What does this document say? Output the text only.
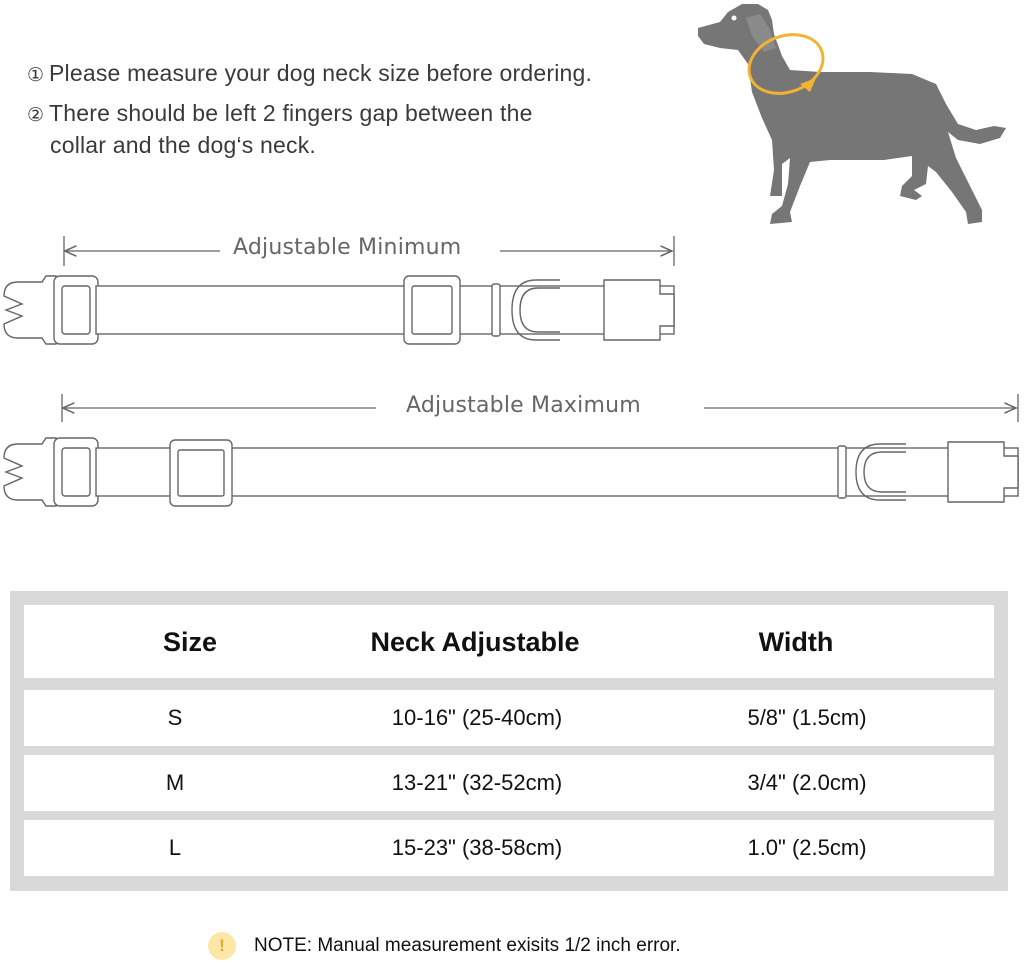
① Please measure your dog neck size before ordering.
② There should be left 2 fingers gap between the
collar and the dog‘s neck.
Adjustable Minimum
Adjustable Maximum
Size	Neck Adjustable	Width
S	10-16" (25-40cm)	5/8" (1.5cm)
M	13-21" (32-52cm)	3/4" (2.0cm)
L	15-23" (38-58cm)	1.0" (2.5cm)
!	NOTE: Manual measurement exisits 1/2 inch error.
